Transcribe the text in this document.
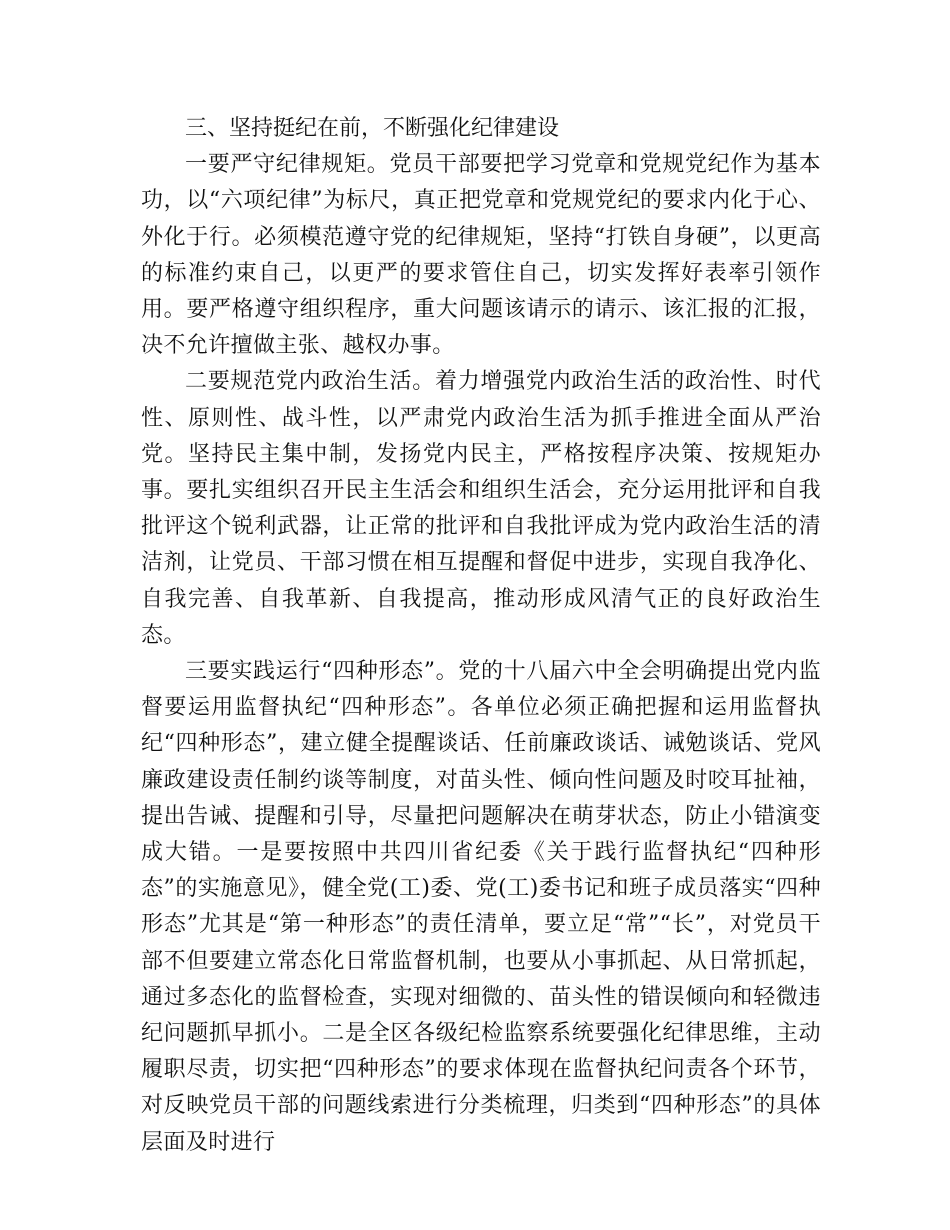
三、坚持挺纪在前，不断强化纪律建设

一要严守纪律规矩。党员干部要把学习党章和党规党纪作为基本功，以“六项纪律”为标尺，真正把党章和党规党纪的要求内化于心、外化于行。必须模范遵守党的纪律规矩，坚持“打铁自身硬”，以更高的标准约束自己，以更严的要求管住自己，切实发挥好表率引领作用。要严格遵守组织程序，重大问题该请示的请示、该汇报的汇报，决不允许擅做主张、越权办事。

二要规范党内政治生活。着力增强党内政治生活的政治性、时代性、原则性、战斗性，以严肃党内政治生活为抓手推进全面从严治党。坚持民主集中制，发扬党内民主，严格按程序决策、按规矩办事。要扎实组织召开民主生活会和组织生活会，充分运用批评和自我批评这个锐利武器，让正常的批评和自我批评成为党内政治生活的清洁剂，让党员、干部习惯在相互提醒和督促中进步，实现自我净化、自我完善、自我革新、自我提高，推动形成风清气正的良好政治生态。

三要实践运行“四种形态”。党的十八届六中全会明确提出党内监督要运用监督执纪“四种形态”。各单位必须正确把握和运用监督执纪“四种形态”，建立健全提醒谈话、任前廉政谈话、诫勉谈话、党风廉政建设责任制约谈等制度，对苗头性、倾向性问题及时咬耳扯袖，提出告诫、提醒和引导，尽量把问题解决在萌芽状态，防止小错演变成大错。一是要按照中共四川省纪委《关于践行监督执纪“四种形态”的实施意见》，健全党(工)委、党(工)委书记和班子成员落实“四种形态”尤其是“第一种形态”的责任清单，要立足“常”“长”，对党员干部不但要建立常态化日常监督机制，也要从小事抓起、从日常抓起，通过多态化的监督检查，实现对细微的、苗头性的错误倾向和轻微违纪问题抓早抓小。二是全区各级纪检监察系统要强化纪律思维，主动履职尽责，切实把“四种形态”的要求体现在监督执纪问责各个环节，对反映党员干部的问题线索进行分类梳理，归类到“四种形态”的具体层面及时进行
